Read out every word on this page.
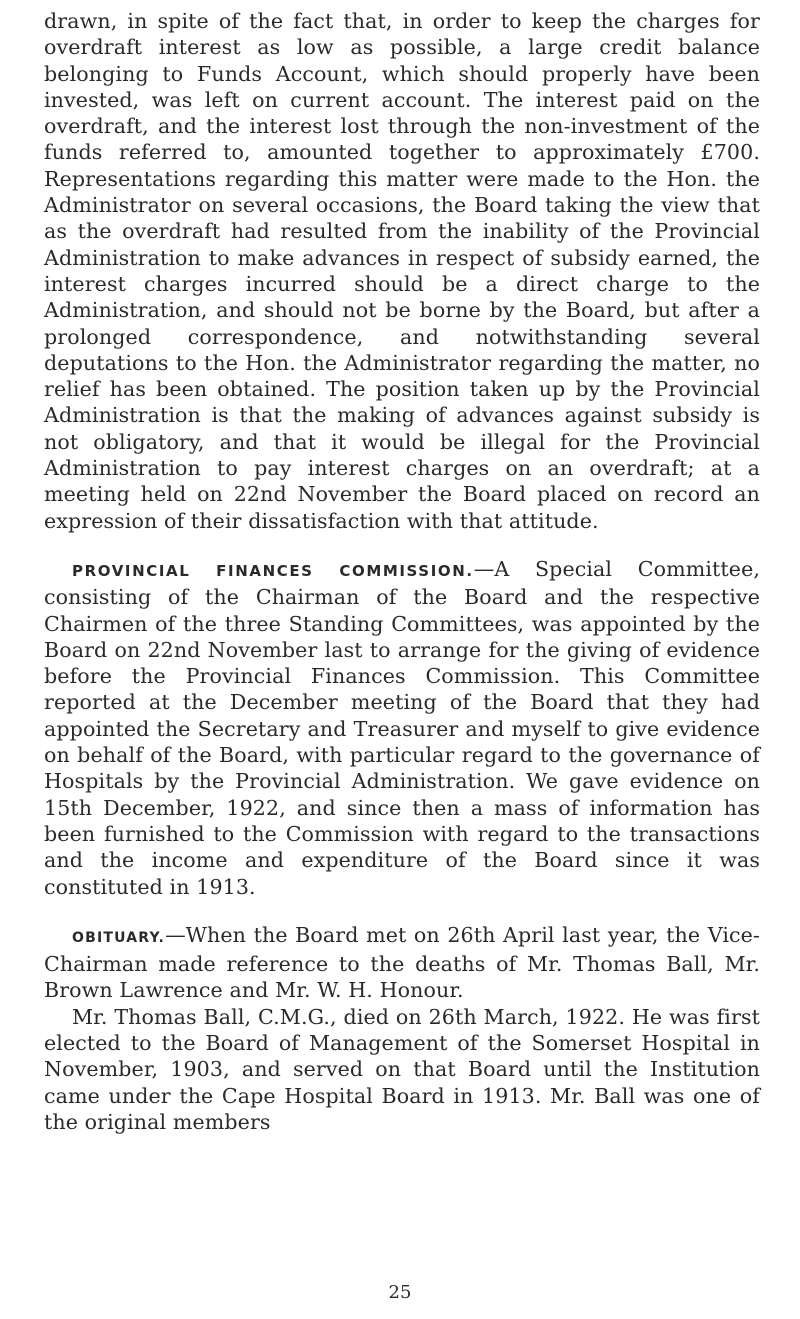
drawn, in spite of the fact that, in order to keep the charges for overdraft interest as low as possible, a large credit balance belonging to Funds Account, which should properly have been invested, was left on current account. The interest paid on the overdraft, and the interest lost through the non-investment of the funds referred to, amounted together to approximately £700. Representations regarding this matter were made to the Hon. the Administrator on several occasions, the Board taking the view that as the overdraft had resulted from the inability of the Provincial Administration to make advances in respect of subsidy earned, the interest charges incurred should be a direct charge to the Administration, and should not be borne by the Board, but after a prolonged correspondence, and notwithstanding several deputations to the Hon. the Administrator regarding the matter, no relief has been obtained. The position taken up by the Provincial Administration is that the making of advances against subsidy is not obligatory, and that it would be illegal for the Provincial Administration to pay interest charges on an overdraft; at a meeting held on 22nd November the Board placed on record an expression of their dissatisfaction with that attitude.

PROVINCIAL FINANCES COMMISSION.—A Special Committee, consisting of the Chairman of the Board and the respective Chairmen of the three Standing Committees, was appointed by the Board on 22nd November last to arrange for the giving of evidence before the Provincial Finances Commission. This Committee reported at the December meeting of the Board that they had appointed the Secretary and Treasurer and myself to give evidence on behalf of the Board, with particular regard to the governance of Hospitals by the Provincial Administration. We gave evidence on 15th December, 1922, and since then a mass of information has been furnished to the Commission with regard to the transactions and the income and expenditure of the Board since it was constituted in 1913.

OBITUARY.—When the Board met on 26th April last year, the Vice-Chairman made reference to the deaths of Mr. Thomas Ball, Mr. Brown Lawrence and Mr. W. H. Honour.

Mr. Thomas Ball, C.M.G., died on 26th March, 1922. He was first elected to the Board of Management of the Somerset Hospital in November, 1903, and served on that Board until the Institution came under the Cape Hospital Board in 1913. Mr. Ball was one of the original members

25
